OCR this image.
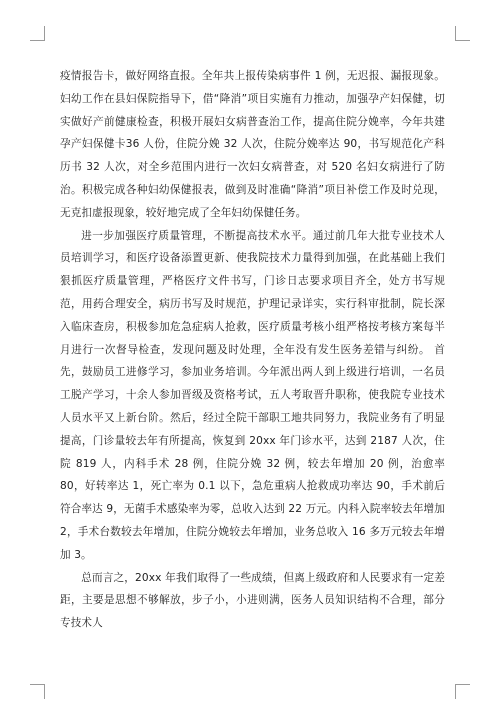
疫情报告卡，做好网络直报。全年共上报传染病事件 1 例，无迟报、漏报现象。妇幼工作在县妇保院指导下，借“降消”项目实施有力推动，加强孕产妇保健，切实做好产前健康检查，积极开展妇女病普查治工作，提高住院分娩率，今年共建孕产妇保健卡36 人份，住院分娩 32 人次，住院分娩率达 90，书写规范化产科历书 32 人次，对全乡范围内进行一次妇女病普查，对 520 名妇女病进行了防治。积极完成各种妇幼保健报表，做到及时准确“降消”项目补偿工作及时兑现，无克扣虚报现象，较好地完成了全年妇幼保健任务。

进一步加强医疗质量管理，不断提高技术水平。通过前几年大批专业技术人员培训学习，和医疗设备添置更新、使我院技术力量得到加强，在此基础上我们狠抓医疗质量管理，严格医疗文件书写，门诊日志要求项目齐全，处方书写规范，用药合理安全，病历书写及时规范，护理记录详实，实行科审批制，院长深入临床查房，积极参加危急症病人抢救，医疗质量考核小组严格按考核方案每半月进行一次督导检查，发现问题及时处理，全年没有发生医务差错与纠纷。 首先，鼓励员工进修学习，参加业务培训。今年派出两人到上级进行培训，一名员工脱产学习，十余人参加晋级及资格考试，五人考取晋升职称，使我院专业技术人员水平又上新台阶。然后，经过全院干部职工地共同努力，我院业务有了明显提高，门诊量较去年有所提高，恢复到 20xx 年门诊水平，达到 2187 人次，住院 819 人，内科手术 28 例，住院分娩 32 例，较去年增加 20 例，治愈率 80，好转率达 1，死亡率为 0.1 以下，急危重病人抢救成功率达 90，手术前后符合率达 9，无菌手术感染率为零，总收入达到 22 万元。内科入院率较去年增加 2，手术台数较去年增加，住院分娩较去年增加，业务总收入 16 多万元较去年增加 3。

总而言之，20xx 年我们取得了一些成绩，但离上级政府和人民要求有一定差距，主要是思想不够解放，步子小，小进则满，医务人员知识结构不合理，部分专技术人
